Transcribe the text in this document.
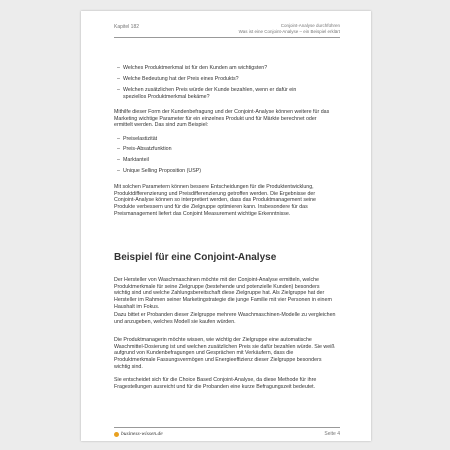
Kapitel 182	Conjoint-Analyse durchführen
Was ist eine Conjoint-Analyse – ein Beispiel erklärt
– Welches Produktmerkmal ist für den Kunden am wichtigsten?
– Welche Bedeutung hat der Preis eines Produkts?
– Welchen zusätzlichen Preis würde der Kunde bezahlen, wenn er dafür ein speziellos Produktmerkmal bekäme?

Mithilfe dieser Form der Kundenbefragung und der Conjoint-Analyse können weitere für das Marketing wichtige Parameter für ein einzelnes Produkt und für Märkte berechnet oder ermittelt werden. Das sind zum Beispiel:

– Preiselastizität
– Preis-Absatzfunktion
– Marktanteil
– Unique Selling Proposition (USP)

Mit solchen Parametern können bessere Entscheidungen für die Produktentwicklung, Produktdifferenzierung und Preisdifferenzierung getroffen werden. Die Ergebnisse der Conjoint-Analyse können so interpretiert werden, dass das Produktmanagement seine Produkte verbessern und für die Zielgruppe optimieren kann. Insbesondere für das Preismanagement liefert das Conjoint Measurement wichtige Erkenntnisse.

Beispiel für eine Conjoint-Analyse

Der Hersteller von Waschmaschinen möchte mit der Conjoint-Analyse ermitteln, welche Produktmerkmale für seine Zielgruppe (bestehende und potenzielle Kunden) besonders wichtig sind und welche Zahlungsbereitschaft diese Zielgruppe hat. Als Zielgruppe hat der Hersteller im Rahmen seiner Marketingstrategie die junge Familie mit vier Personen in einem Haushalt im Fokus.

Dazu bittet er Probanden dieser Zielgruppe mehrere Waschmaschinen-Modelle zu vergleichen und anzugeben, welches Modell sie kaufen würden.

Die Produktmanagerin möchte wissen, wie wichtig der Zielgruppe eine automatische Waschmittel-Dosierung ist und welchen zusätzlichen Preis sie dafür bezahlen würde. Sie weiß aufgrund von Kundenbefragungen und Gesprächen mit Verkäufern, dass die Produktmerkmale Fassungsvermögen und Energieeffizienz dieser Zielgruppe besonders wichtig sind.

Sie entscheidet sich für die Choice Based Conjoint-Analyse, da diese Methode für ihre Fragestellungen ausreicht und für die Probanden eine kurze Befragungszeit bedeutet.

business-wissen.de	Seite 4
